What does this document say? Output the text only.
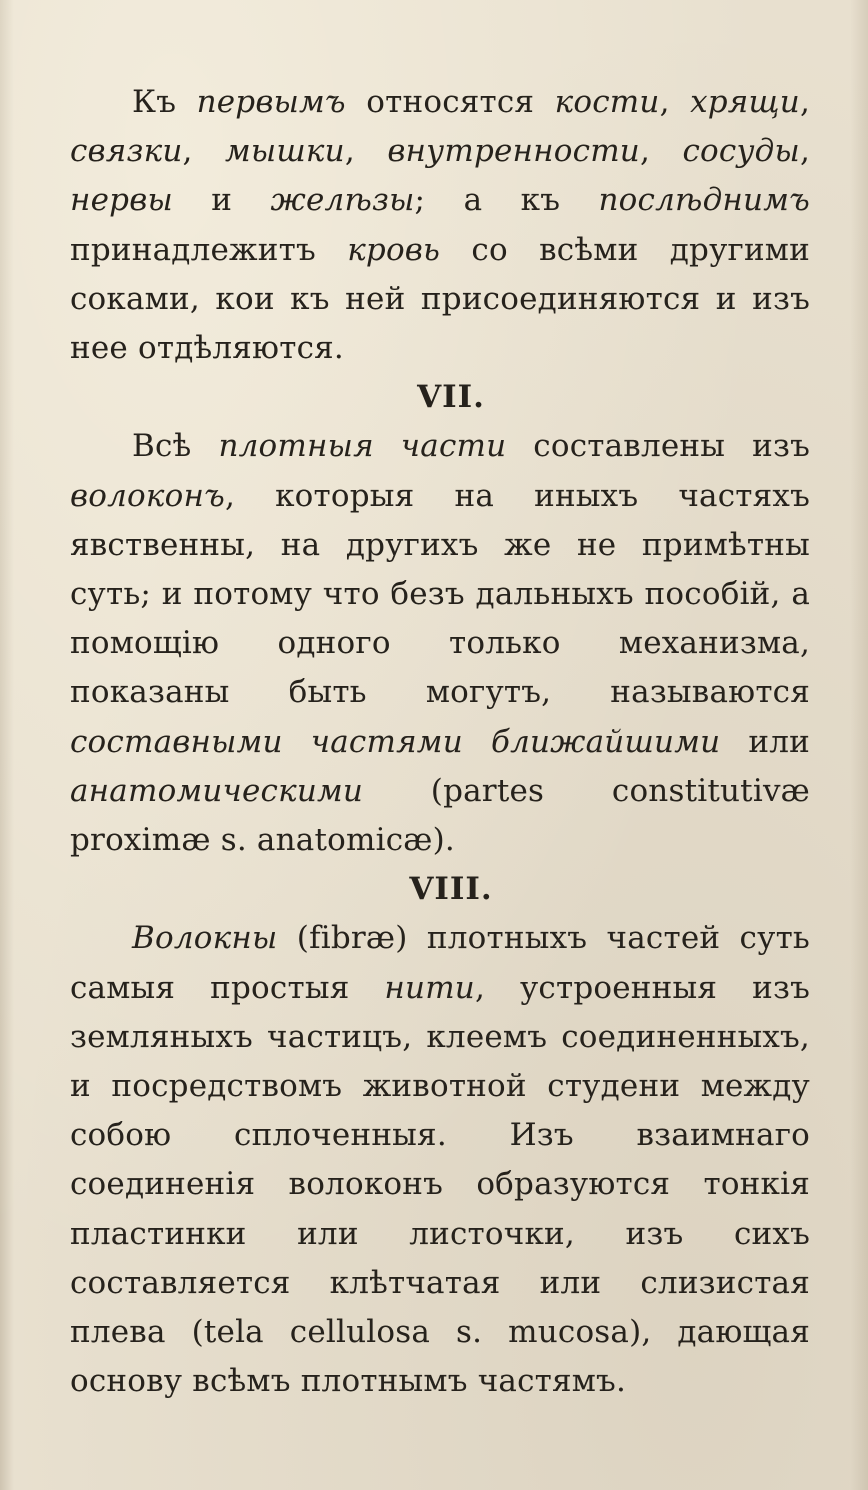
Къ первымъ относятся кости, хрящи, связки, мышки, внутренности, сосуды, нервы и желѣзы; а къ послѣднимъ принадлежитъ кровь со всѣми другими соками, кои къ ней присоединяются и изъ нее отдѣляются.

VII.

Всѣ плотныя части составлены изъ волоконъ, которыя на иныхъ частяхъ явственны, на другихъ же не примѣтны суть; и потому что безъ дальныхъ пособій, а помощію одного только механизма, показаны быть могутъ, называются составными частями ближайшими или анатомическими (partes constitutivæ proximæ s. anatomicæ).

VIII.

Волокны (fibræ) плотныхъ частей суть самыя простыя нити, устроенныя изъ земляныхъ частицъ, клеемъ соединенныхъ, и посредствомъ животной студени между собою сплоченныя. Изъ взаимнаго соединенія волоконъ образуются тонкія пластинки или листочки, изъ сихъ составляется клѣтчатая или слизистая плева (tela cellulosa s. mucosa), дающая основу всѣмъ плотнымъ частямъ.
